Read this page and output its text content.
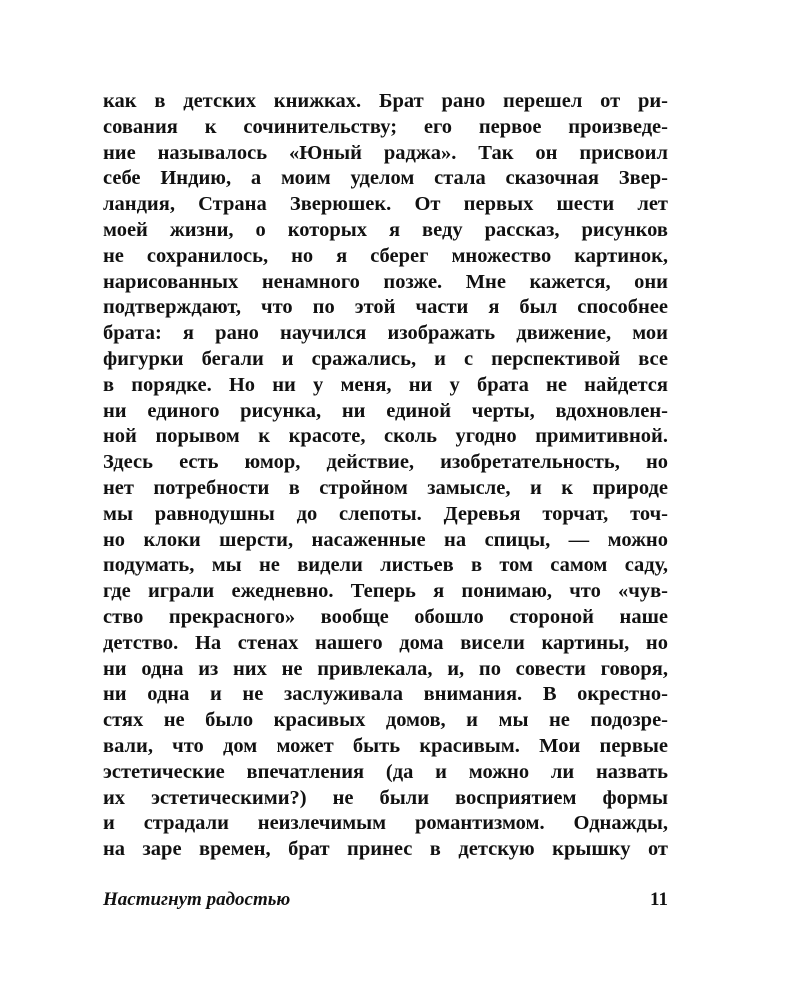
как в детских книжках. Брат рано перешел от ри-
сования к сочинительству; его первое произведе-
ние называлось «Юный раджа». Так он присвоил
себе Индию, а моим уделом стала сказочная Звер-
ландия, Страна Зверюшек. От первых шести лет
моей жизни, о которых я веду рассказ, рисунков
не сохранилось, но я сберег множество картинок,
нарисованных ненамного позже. Мне кажется, они
подтверждают, что по этой части я был способнее
брата: я рано научился изображать движение, мои
фигурки бегали и сражались, и с перспективой все
в порядке. Но ни у меня, ни у брата не найдется
ни единого рисунка, ни единой черты, вдохновлен-
ной порывом к красоте, сколь угодно примитивной.
Здесь есть юмор, действие, изобретательность, но
нет потребности в стройном замысле, и к природе
мы равнодушны до слепоты. Деревья торчат, точ-
но клоки шерсти, насаженные на спицы, — можно
подумать, мы не видели листьев в том самом саду,
где играли ежедневно. Теперь я понимаю, что «чув-
ство прекрасного» вообще обошло стороной наше
детство. На стенах нашего дома висели картины, но
ни одна из них не привлекала, и, по совести говоря,
ни одна и не заслуживала внимания. В окрестно-
стях не было красивых домов, и мы не подозре-
вали, что дом может быть красивым. Мои первые
эстетические впечатления (да и можно ли назвать
их эстетическими?) не были восприятием формы
и страдали неизлечимым романтизмом. Однажды,
на заре времен, брат принес в детскую крышку от
Настигнут радостью	11
